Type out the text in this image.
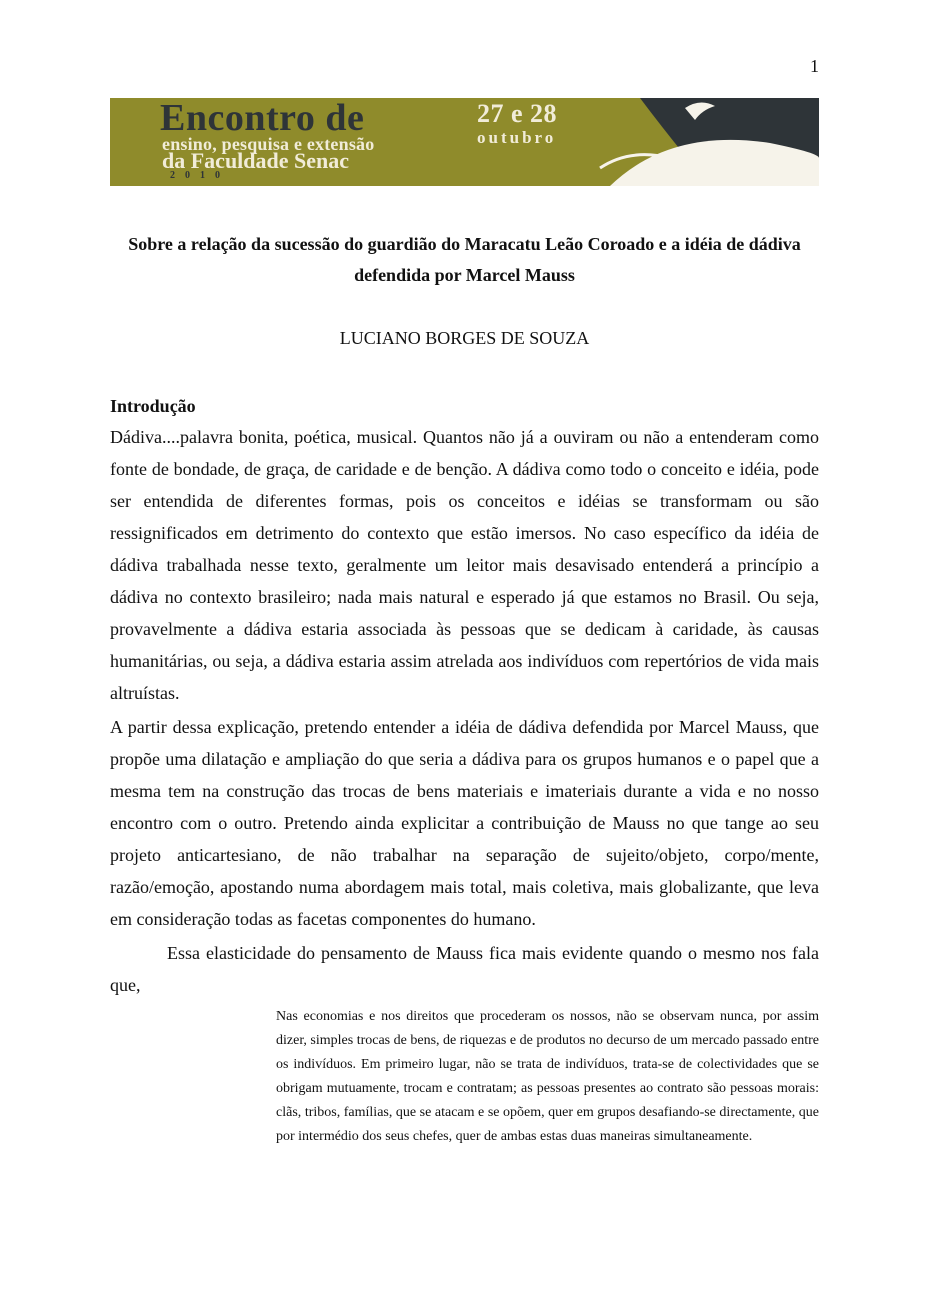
1
Encontro de
ensino, pesquisa e extensão
da Faculdade Senac
2010
27 e 28
outubro
Sobre a relação da sucessão do guardião do Maracatu Leão Coroado e a idéia de dádiva defendida por Marcel Mauss

LUCIANO BORGES DE SOUZA

Introdução

Dádiva....palavra bonita, poética, musical. Quantos não já a ouviram ou não a entenderam como fonte de bondade, de graça, de caridade e de benção. A dádiva como todo o conceito e idéia, pode ser entendida de diferentes formas, pois os conceitos e idéias se transformam ou são ressignificados em detrimento do contexto que estão imersos. No caso específico da idéia de dádiva trabalhada nesse texto, geralmente um leitor mais desavisado entenderá a princípio a dádiva no contexto brasileiro; nada mais natural e esperado já que estamos no Brasil. Ou seja, provavelmente a dádiva estaria associada às pessoas que se dedicam à caridade, às causas humanitárias, ou seja, a dádiva estaria assim atrelada aos indivíduos com repertórios de vida mais altruístas.

A partir dessa explicação, pretendo entender a idéia de dádiva defendida por Marcel Mauss, que propõe uma dilatação e ampliação do que seria a dádiva para os grupos humanos e o papel que a mesma tem na construção das trocas de bens materiais e imateriais durante a vida e no nosso encontro com o outro. Pretendo ainda explicitar a contribuição de Mauss no que tange ao seu projeto anticartesiano, de não trabalhar na separação de sujeito/objeto, corpo/mente, razão/emoção, apostando numa abordagem mais total, mais coletiva, mais globalizante, que leva em consideração todas as facetas componentes do humano.

Essa elasticidade do pensamento de Mauss fica mais evidente quando o mesmo nos fala que,

Nas economias e nos direitos que procederam os nossos, não se observam nunca, por assim dizer, simples trocas de bens, de riquezas e de produtos no decurso de um mercado passado entre os indivíduos. Em primeiro lugar, não se trata de indivíduos, trata-se de colectividades que se obrigam mutuamente, trocam e contratam; as pessoas presentes ao contrato são pessoas morais: clãs, tribos, famílias, que se atacam e se opõem, quer em grupos desafiando-se directamente, que por intermédio dos seus chefes, quer de ambas estas duas maneiras simultaneamente.
